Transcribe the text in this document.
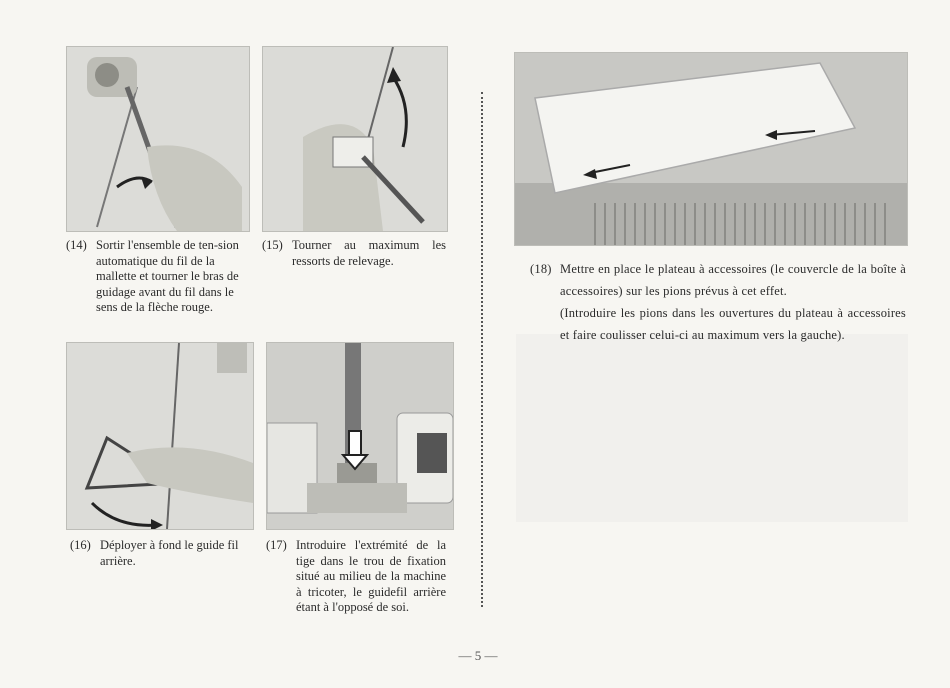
(14) Sortir l'ensemble de ten-sion automatique du fil de la mallette et tourner le bras de guidage avant du fil dans le sens de la flèche rouge.
(15) Tourner au maximum les ressorts de relevage.
(16) Déployer à fond le guide fil arrière.
(17) Introduire l'extrémité de la tige dans le trou de fixation situé au milieu de la machine à tricoter, le guidefil arrière étant à l'opposé de soi.
(18) Mettre en place le plateau à accessoires (le couvercle de la boîte à accessoires) sur les pions prévus à cet effet.
(Introduire les pions dans les ouvertures du plateau à accessoires et faire coulisser celui-ci au maximum vers la gauche).
— 5 —
